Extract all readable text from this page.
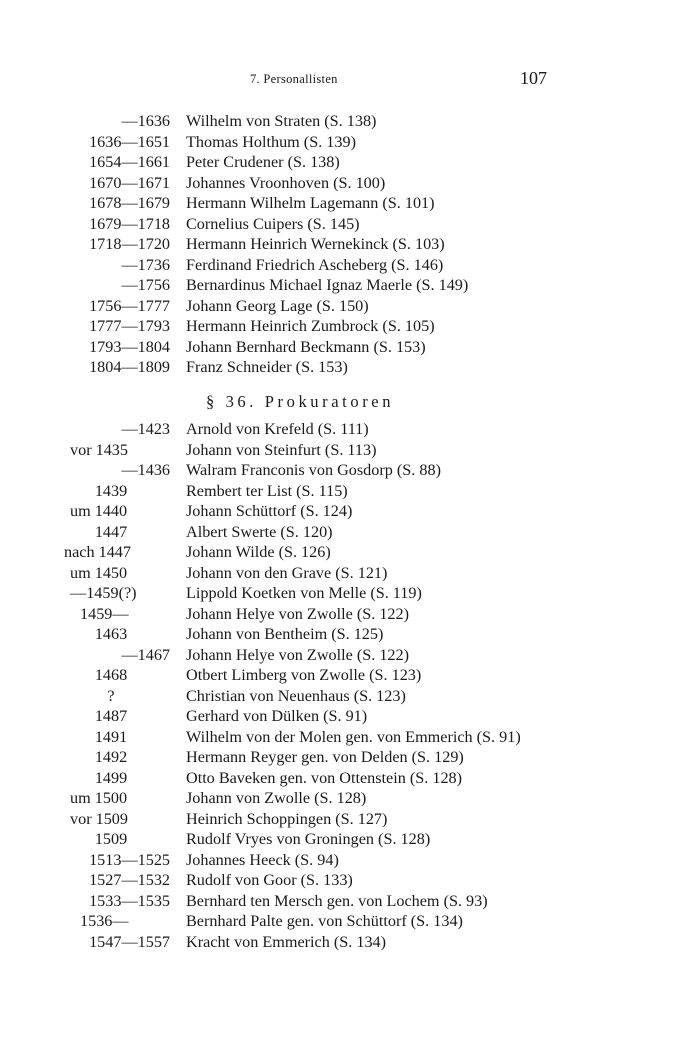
7. Personallisten	107
—1636 Wilhelm von Straten (S. 138)
1636—1651 Thomas Holthum (S. 139)
1654—1661 Peter Crudener (S. 138)
1670—1671 Johannes Vroonhoven (S. 100)
1678—1679 Hermann Wilhelm Lagemann (S. 101)
1679—1718 Cornelius Cuipers (S. 145)
1718—1720 Hermann Heinrich Wernekinck (S. 103)
—1736 Ferdinand Friedrich Ascheberg (S. 146)
—1756 Bernardinus Michael Ignaz Maerle (S. 149)
1756—1777 Johann Georg Lage (S. 150)
1777—1793 Hermann Heinrich Zumbrock (S. 105)
1793—1804 Johann Bernhard Beckmann (S. 153)
1804—1809 Franz Schneider (S. 153)
§ 36. Prokuratoren
—1423 Arnold von Krefeld (S. 111)
vor 1435	Johann von Steinfurt (S. 113)
—1436 Walram Franconis von Gosdorp (S. 88)
1439	Rembert ter List (S. 115)
um 1440	Johann Schüttorf (S. 124)
1447	Albert Swerte (S. 120)
nach 1447	Johann Wilde (S. 126)
um 1450	Johann von den Grave (S. 121)
—1459(?)	Lippold Koetken von Melle (S. 119)
1459—	Johann Helye von Zwolle (S. 122)
1463	Johann von Bentheim (S. 125)
—1467 Johann Helye von Zwolle (S. 122)
1468	Otbert Limberg von Zwolle (S. 123)
?	Christian von Neuenhaus (S. 123)
1487	Gerhard von Dülken (S. 91)
1491	Wilhelm von der Molen gen. von Emmerich (S. 91)
1492	Hermann Reyger gen. von Delden (S. 129)
1499	Otto Baveken gen. von Ottenstein (S. 128)
um 1500	Johann von Zwolle (S. 128)
vor 1509	Heinrich Schoppingen (S. 127)
1509	Rudolf Vryes von Groningen (S. 128)
1513—1525 Johannes Heeck (S. 94)
1527—1532 Rudolf von Goor (S. 133)
1533—1535 Bernhard ten Mersch gen. von Lochem (S. 93)
1536—	Bernhard Palte gen. von Schüttorf (S. 134)
1547—1557 Kracht von Emmerich (S. 134)
